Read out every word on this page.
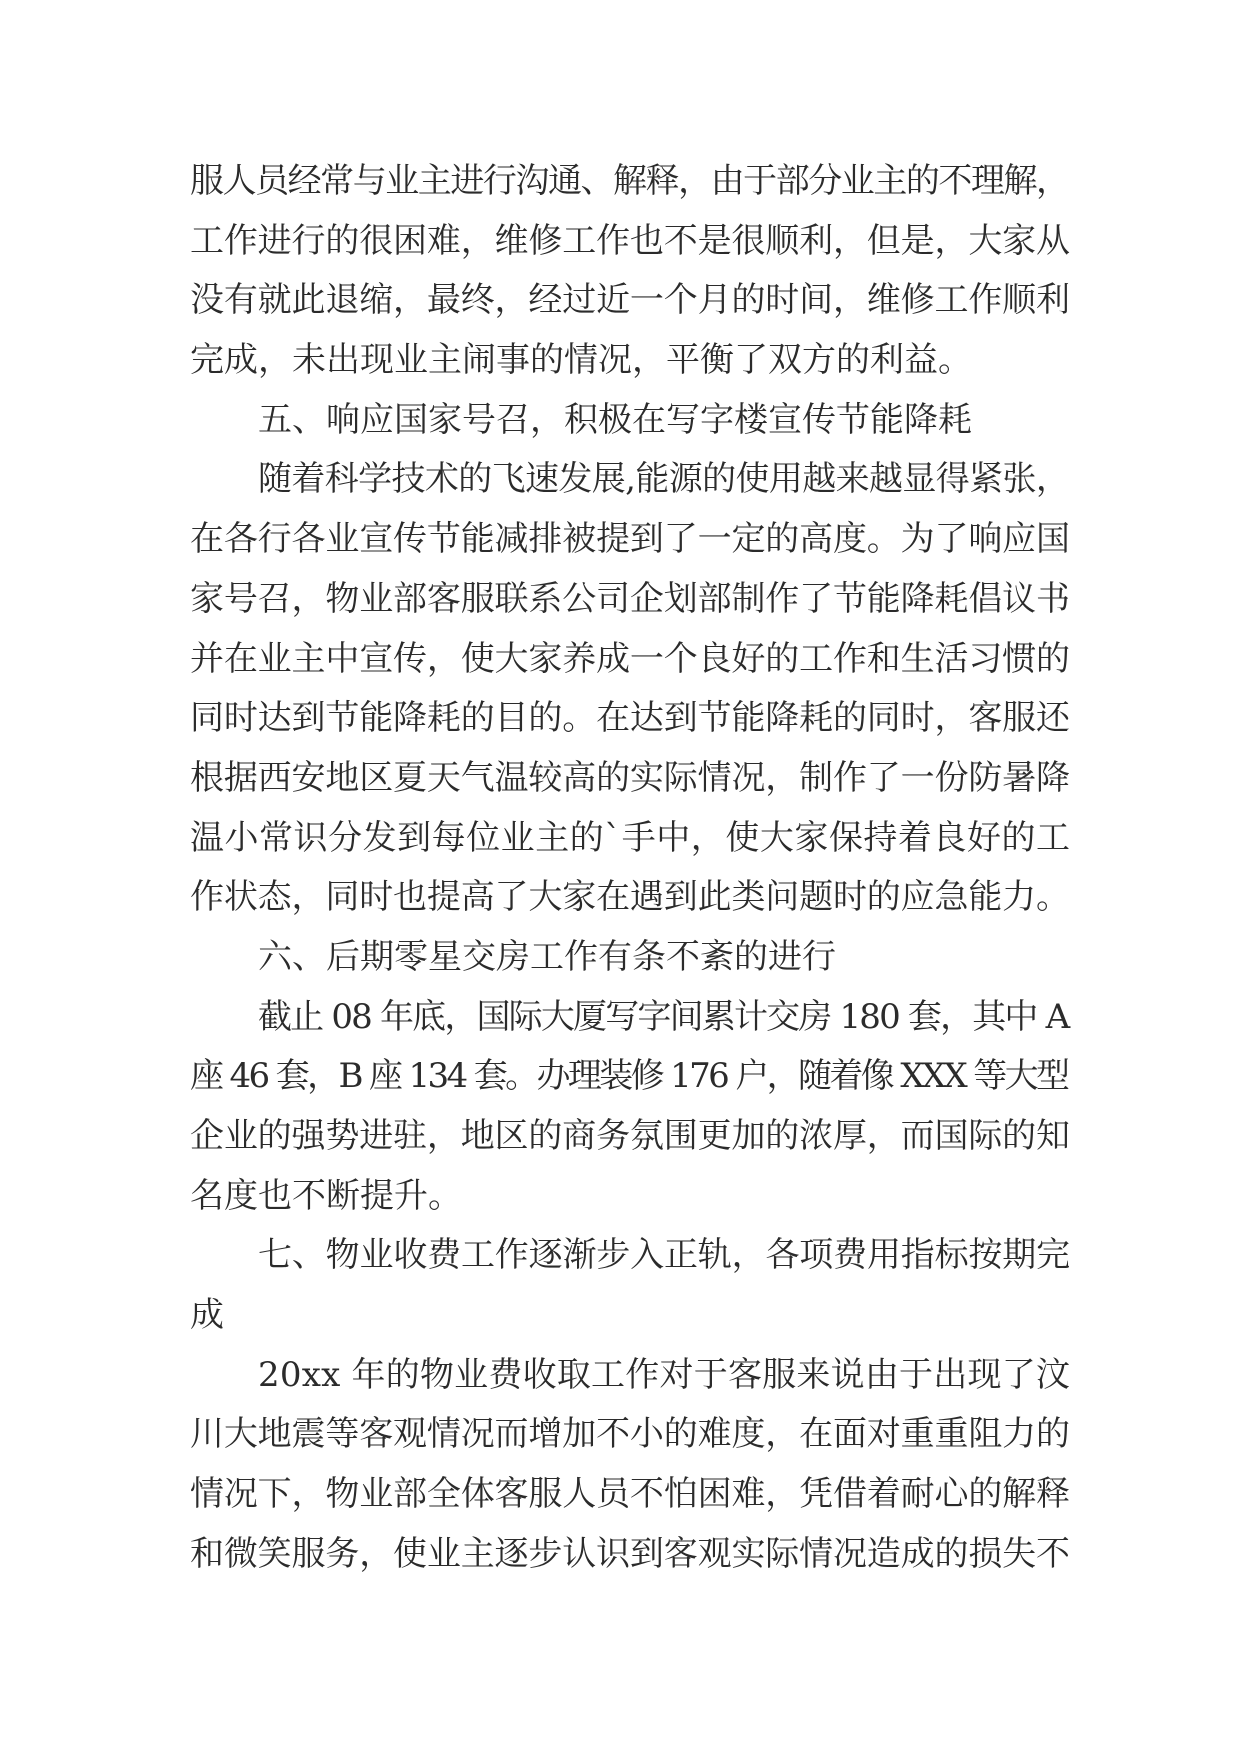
服人员经常与业主进行沟通、解释，由于部分业主的不理解，
工作进行的很困难，维修工作也不是很顺利，但是，大家从
没有就此退缩，最终，经过近一个月的时间，维修工作顺利
完成，未出现业主闹事的情况，平衡了双方的利益。
五、响应国家号召，积极在写字楼宣传节能降耗
随着科学技术的飞速发展,能源的使用越来越显得紧张，
在各行各业宣传节能减排被提到了一定的高度。为了响应国
家号召，物业部客服联系公司企划部制作了节能降耗倡议书
并在业主中宣传，使大家养成一个良好的工作和生活习惯的
同时达到节能降耗的目的。在达到节能降耗的同时，客服还
根据西安地区夏天气温较高的实际情况，制作了一份防暑降
温小常识分发到每位业主的`手中，使大家保持着良好的工
作状态，同时也提高了大家在遇到此类问题时的应急能力。
六、后期零星交房工作有条不紊的进行
截止 08 年底，国际大厦写字间累计交房 180 套，其中 A
座 46 套，B 座 134 套。办理装修 176 户，随着像 XXX 等大型
企业的强势进驻，地区的商务氛围更加的浓厚，而国际的知
名度也不断提升。
七、物业收费工作逐渐步入正轨，各项费用指标按期完
成
20xx 年的物业费收取工作对于客服来说由于出现了汶
川大地震等客观情况而增加不小的难度，在面对重重阻力的
情况下，物业部全体客服人员不怕困难，凭借着耐心的解释
和微笑服务，使业主逐步认识到客观实际情况造成的损失不
